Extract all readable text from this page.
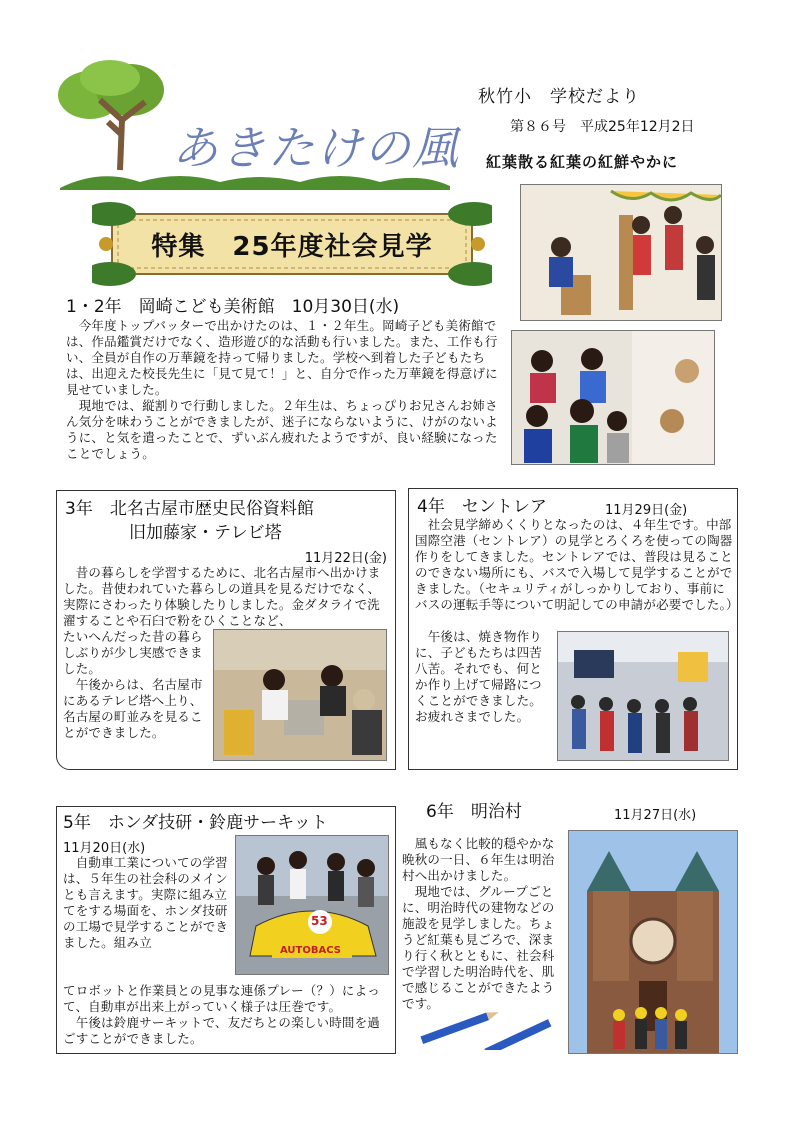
あきたけの風
秋竹小　学校だより
第８６号　平成25年12月2日
紅葉散る紅葉の紅鮮やかに
特集　25年度社会見学
1・2年　岡崎こども美術館　10月30日(水)

　今年度トップバッターで出かけたのは、１・２年生。岡崎子ども美術館では、作品鑑賞だけでなく、造形遊び的な活動も行いました。また、工作も行い、全員が自作の万華鏡を持って帰りました。学校へ到着した子どもたちは、出迎えた校長先生に「見て見て！」と、自分で作った万華鏡を得意げに見せていました。

　現地では、縦割りで行動しました。２年生は、ちょっぴりお兄さんお姉さん気分を味わうことができましたが、迷子にならないように、けがのないように、と気を遣ったことで、ずいぶん疲れたようですが、良い経験になったことでしょう。

3年　北名古屋市歴史民俗資料館
旧加藤家・テレビ塔
11月22日(金)

　昔の暮らしを学習するために、北名古屋市へ出かけました。昔使われていた暮らしの道具を見るだけでなく、実際にさわったり体験したりしました。金ダタライで洗濯することや石臼で粉をひくことなど、

たいへんだった昔の暮らしぶりが少し実感できました。

　午後からは、名古屋市にあるテレビ塔へ上り、名古屋の町並みを見ることができました。

4年　セントレア	11月29日(金)

　社会見学締めくくりとなったのは、４年生です。中部国際空港（セントレア）の見学とろくろを使っての陶器作りをしてきました。セントレアでは、普段は見ることのできない場所にも、バスで入場して見学することができました。（セキュリティがしっかりしており、事前にバスの運転手等について明記しての申請が必要でした。）

　午後は、焼き物作りに、子どもたちは四苦八苦。それでも、何とか作り上げて帰路につくことができました。お疲れさまでした。

5年　ホンダ技研・鈴鹿サーキット
11月20日(水)

　自動車工業についての学習は、５年生の社会科のメインとも言えます。実際に組み立てをする場面を、ホンダ技研の工場で見学することができました。組み立

てロボットと作業員との見事な連係プレー（？）によって、自動車が出来上がっていく様子は圧巻です。

　午後は鈴鹿サーキットで、友だちとの楽しい時間を過ごすことができました。

53
AUTOBACS
6年　明治村	11月27日(水)

　風もなく比較的穏やかな晩秋の一日、６年生は明治村へ出かけました。

　現地では、グループごとに、明治時代の建物などの施設を見学しました。ちょうど紅葉も見ごろで、深まり行く秋とともに、社会科で学習した明治時代を、肌で感じることができたようです。
